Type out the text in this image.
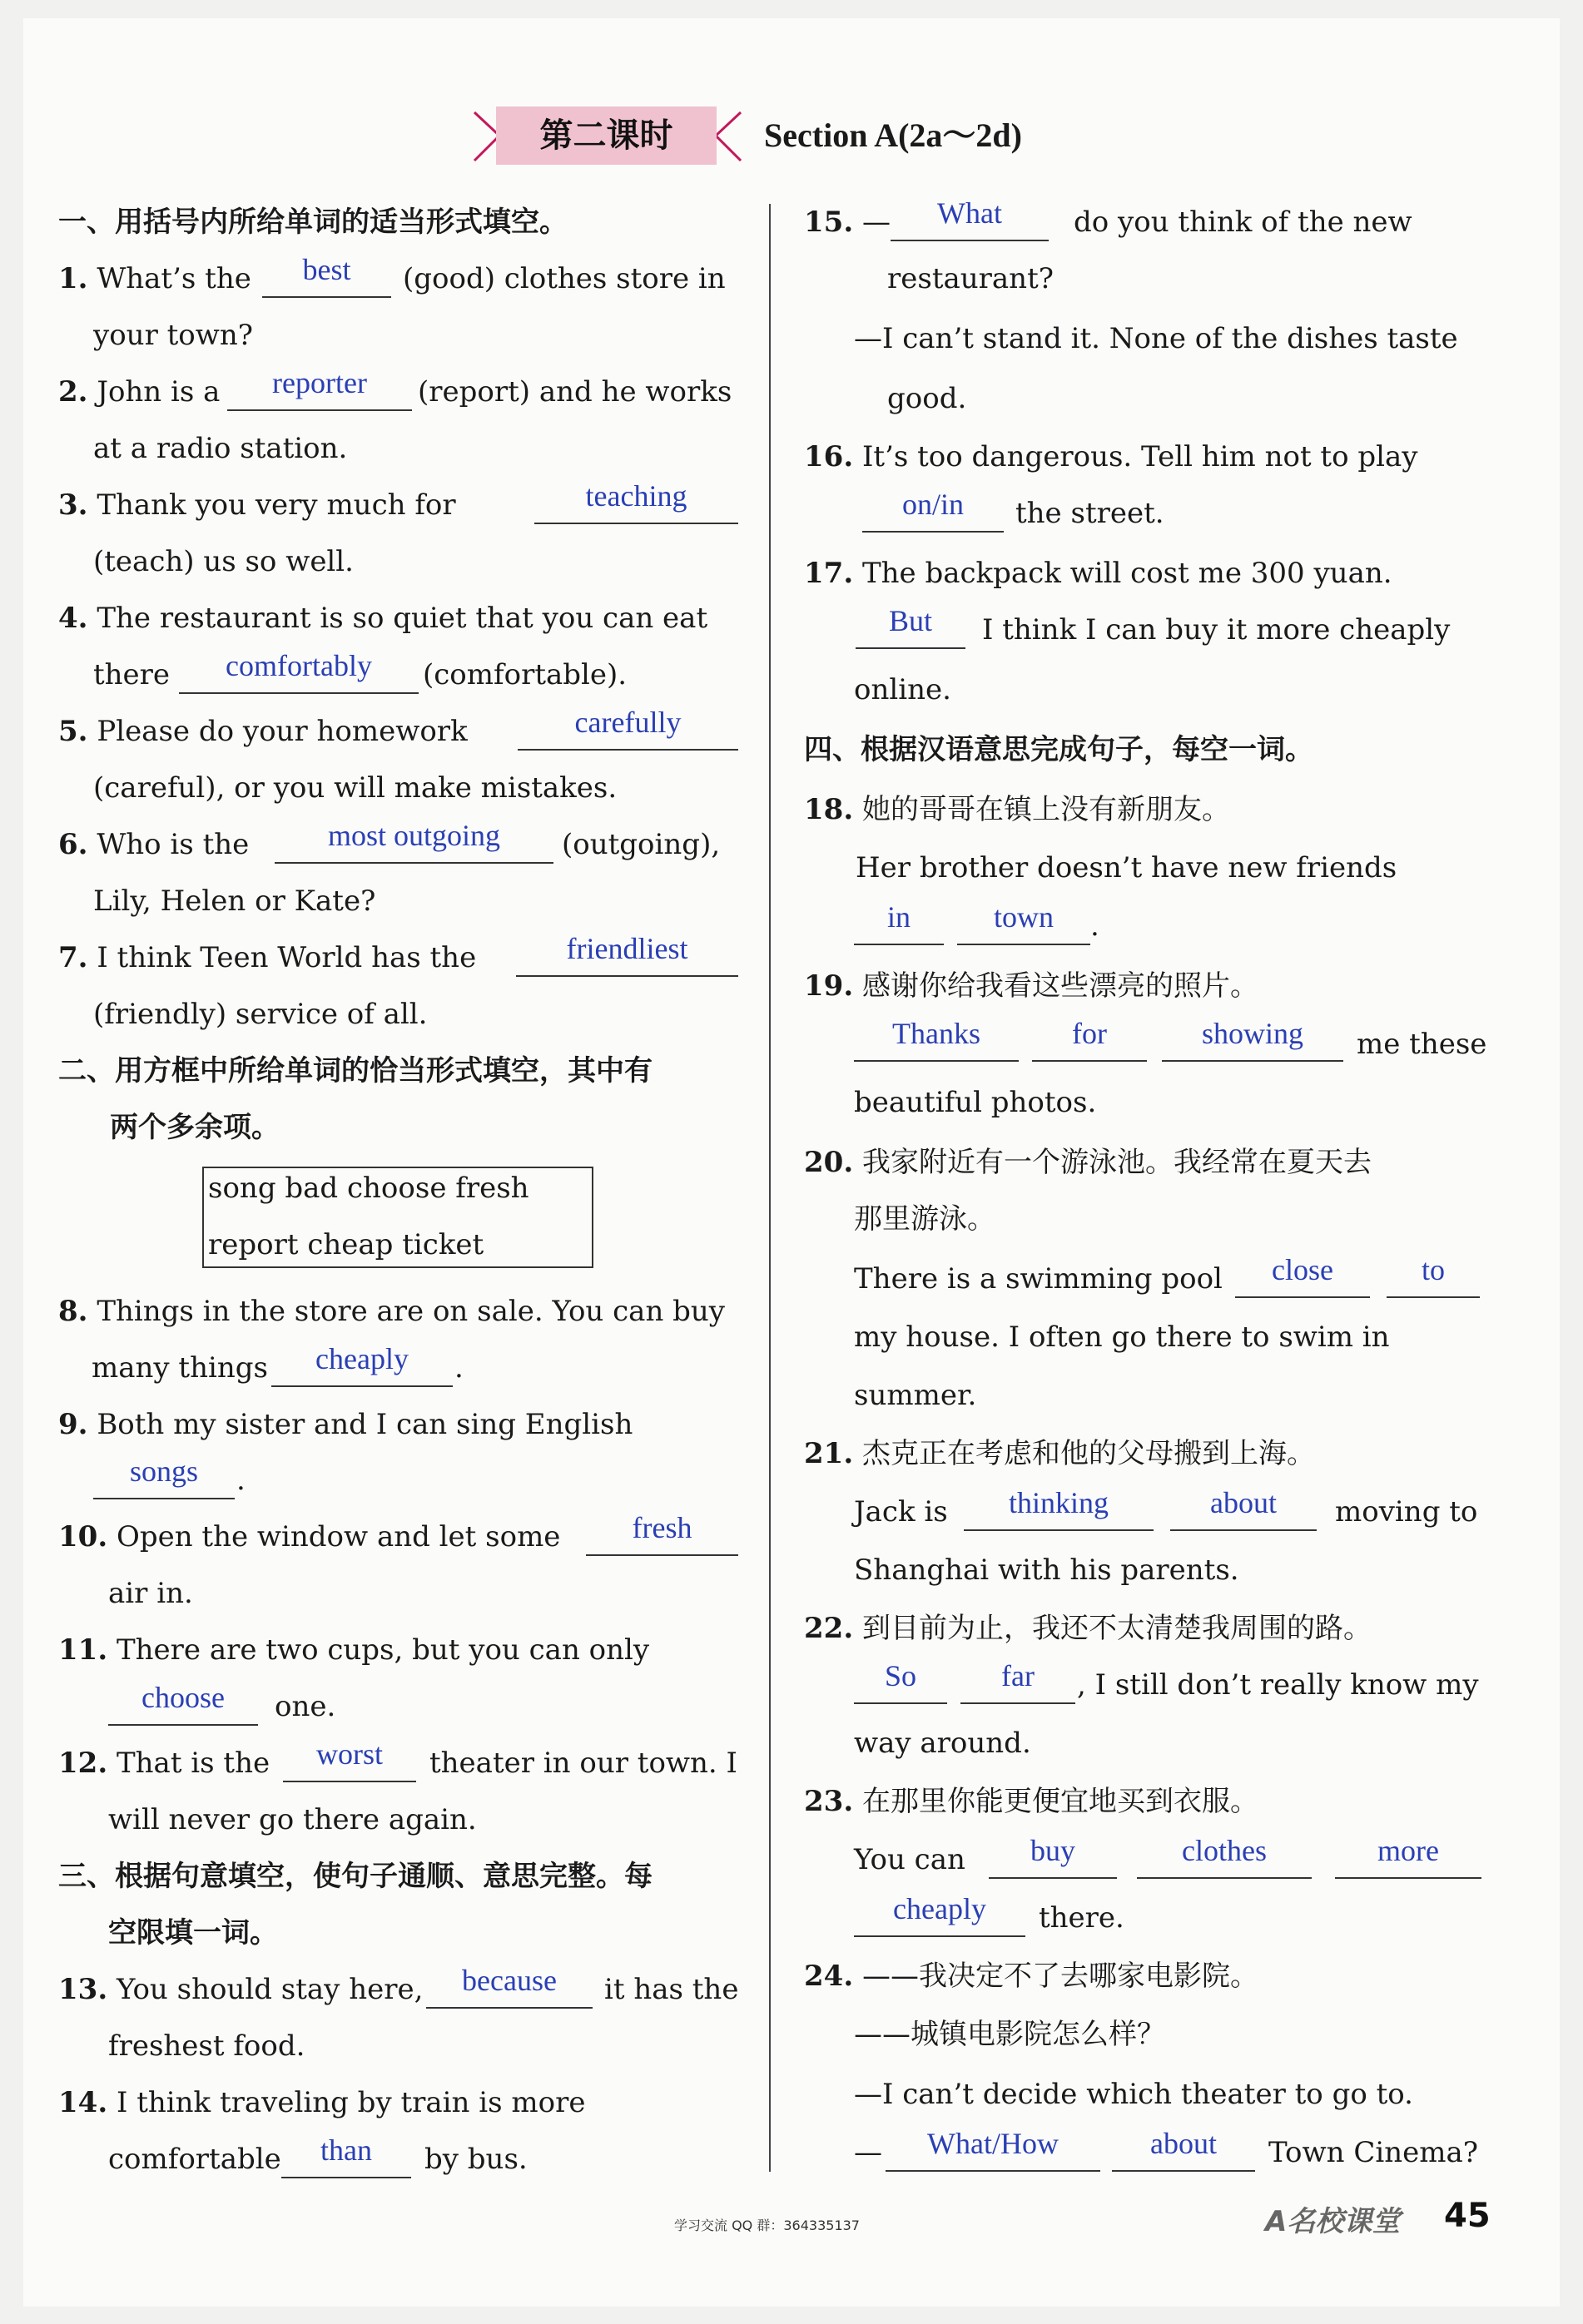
第二课时	Section A(2a～2d)
一、用括号内所给单词的适当形式填空。
1. What’s the	(good) clothes store in
best
your town?
2. John is a	(report) and he works
reporter
at a radio station.
3. Thank you very much for	teaching
(teach) us so well.
4. The restaurant is so quiet that you can eat
there	comfortably	(comfortable).
5. Please do your homework	carefully
(careful), or you will make mistakes.
6. Who is the	most outgoing	(outgoing),
Lily, Helen or Kate?
7. I think Teen World has the	friendliest
(friendly) service of all.
二、用方框中所给单词的恰当形式填空，其中有
两个多余项。
song bad choose fresh
report cheap ticket
8. Things in the store are on sale. You can buy
many things	cheaply	.
9. Both my sister and I can sing English
songs	.
10. Open the window and let some	fresh
air in.
11. There are two cups, but you can only
choose	one.
12. That is the	worst	theater in our town. I
will never go there again.
三、根据句意填空，使句子通顺、意思完整。每
空限填一词。
13. You should stay here,	because	it has the
freshest food.
14. I think traveling by train is more
comfortable	than	by bus.
15. —	What	do you think of the new
restaurant?
—I can’t stand it. None of the dishes taste
good.
16. It’s too dangerous. Tell him not to play
on/in	the street.
17. The backpack will cost me 300 yuan.
But	I think I can buy it more cheaply
online.
四、根据汉语意思完成句子，每空一词。
18. 她的哥哥在镇上没有新朋友。
Her brother doesn’t have new friends
in	town	.
19. 感谢你给我看这些漂亮的照片。
Thanks	for	showing	me these
beautiful photos.
20. 我家附近有一个游泳池。我经常在夏天去
那里游泳。
There is a swimming pool	close	to
my house. I often go there to swim in
summer.
21. 杰克正在考虑和他的父母搬到上海。
Jack is	thinking	about	moving to
Shanghai with his parents.
22. 到目前为止，我还不太清楚我周围的路。
So	far	, I still don’t really know my
way around.
23. 在那里你能更便宜地买到衣服。
You can	buy	clothes	more
cheaply	there.
24. ——我决定不了去哪家电影院。
——城镇电影院怎么样？
—I can’t decide which theater to go to.
—	What/How	about	Town Cinema?
学习交流 QQ 群：364335137	A名校课堂 45
